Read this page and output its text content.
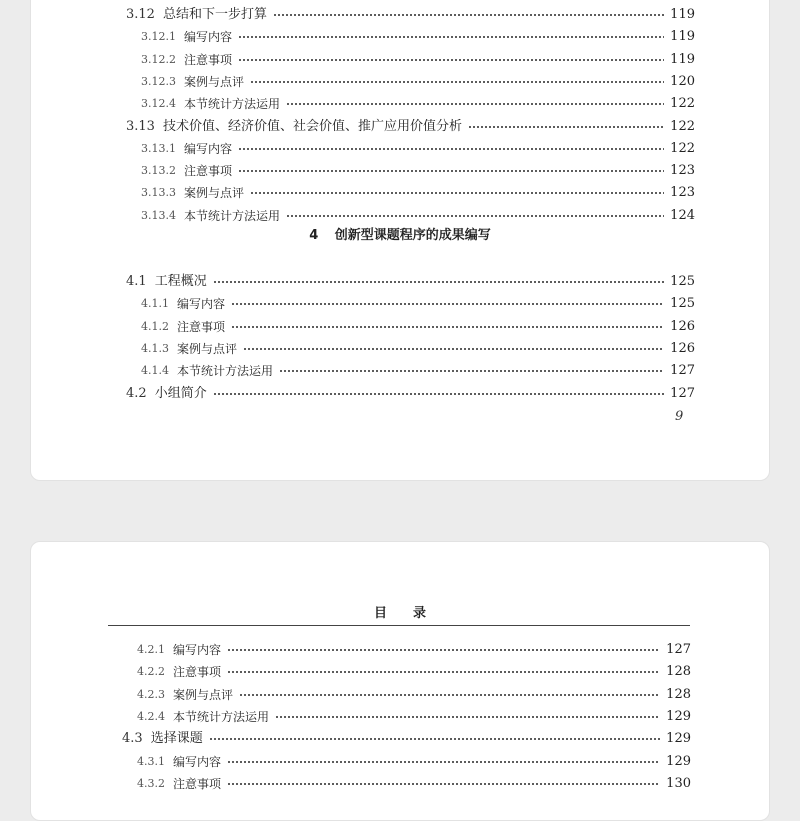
3.12 总结和下一步打算	119
3.12.1 编写内容	119
3.12.2 注意事项	119
3.12.3 案例与点评	120
3.12.4 本节统计方法运用	122
3.13 技术价值、经济价值、社会价值、推广应用价值分析	122
3.13.1 编写内容	122
3.13.2 注意事项	123
3.13.3 案例与点评	123
3.13.4 本节统计方法运用	124
4 创新型课题程序的成果编写
4.1 工程概况	125
4.1.1 编写内容	125
4.1.2 注意事项	126
4.1.3 案例与点评	126
4.1.4 本节统计方法运用	127
4.2 小组简介	127
9
目录
4.2.1 编写内容	127
4.2.2 注意事项	128
4.2.3 案例与点评	128
4.2.4 本节统计方法运用	129
4.3 选择课题	129
4.3.1 编写内容	129
4.3.2 注意事项	130
